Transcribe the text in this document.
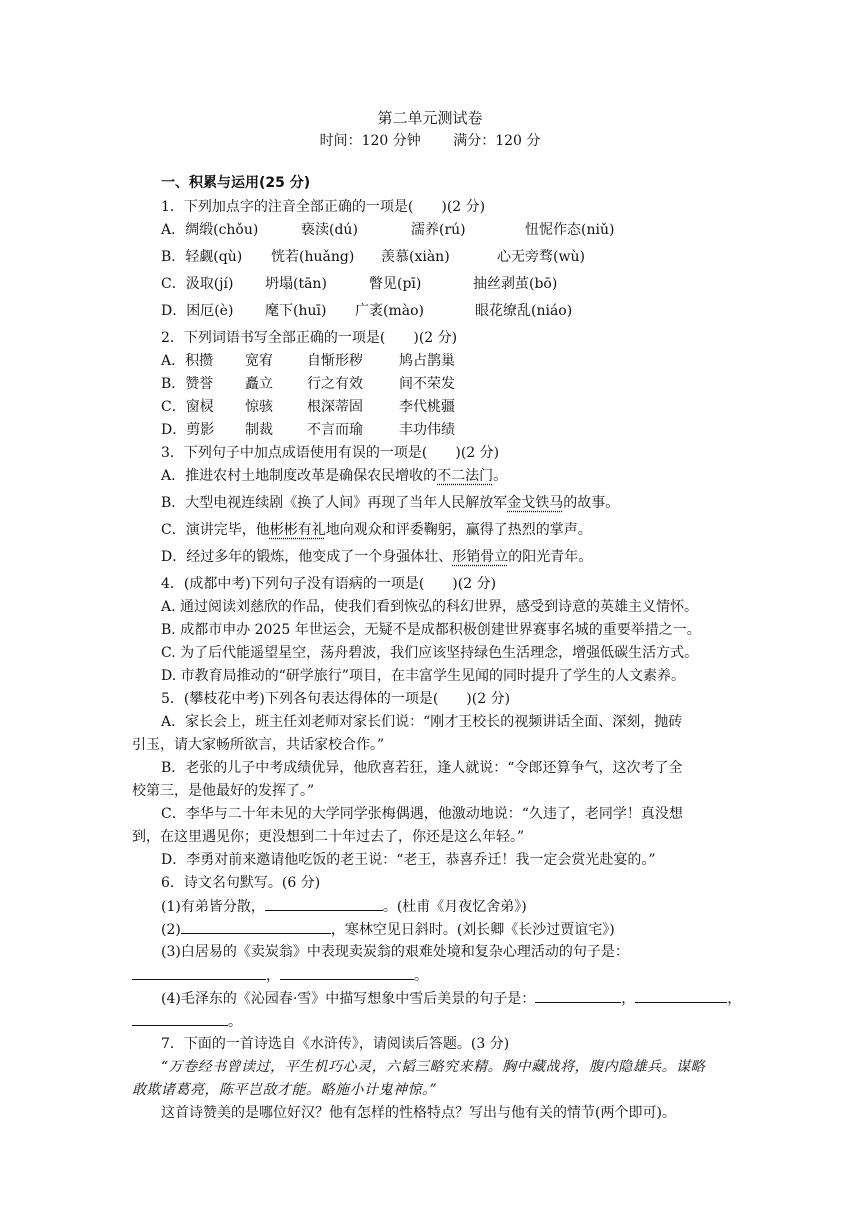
第二单元测试卷
时间：120 分钟 满分：120 分
一、积累与运用(25 分)
1．下列加点字的注音全部正确的一项是(　　)(2 分)
A．绸缎(chǒu)	亵渎(dú)	濡养(rú)	忸怩作态(niǔ)
B．轻觑(qù) 恍若(huǎng) 羡慕(xiàn)	心无旁骛(wù)
C．汲取(jí) 坍塌(tān)	瞥见(pī)	抽丝剥茧(bō)
D．困厄(è) 麾下(huī) 广袤(mào)	眼花缭乱(niáo)
2．下列词语书写全部正确的一项是(　　)(2 分)
A．积攒 宽宥 自惭形秽	鸠占鹊巢
B．赞誉 矗立 行之有效	间不荣发
C．窗棂 惊骇 根深蒂固	李代桃疆
D．剪影 制裁 不言而瑜	丰功伟绩
3．下列句子中加点成语使用有误的一项是(　　)(2 分)
A．推进农村土地制度改革是确保农民增收的不二法门。
B．大型电视连续剧《换了人间》再现了当年人民解放军金戈铁马的故事。
C．演讲完毕，他彬彬有礼地向观众和评委鞠躬，赢得了热烈的掌声。
D．经过多年的锻炼，他变成了一个身强体壮、形销骨立的阳光青年。
4．(成都中考)下列句子没有语病的一项是(　　)(2 分)
A. 通过阅读刘慈欣的作品，使我们看到恢弘的科幻世界，感受到诗意的英雄主义情怀。
B. 成都市申办 2025 年世运会，无疑不是成都积极创建世界赛事名城的重要举措之一。
C. 为了后代能遥望星空，荡舟碧波，我们应该坚持绿色生活理念，增强低碳生活方式。
D. 市教育局推动的“研学旅行”项目，在丰富学生见闻的同时提升了学生的人文素养。
5．(攀枝花中考)下列各句表达得体的一项是(　　)(2 分)
A．家长会上，班主任刘老师对家长们说：“刚才王校长的视频讲话全面、深刻，抛砖
引玉，请大家畅所欲言，共话家校合作。”
B．老张的儿子中考成绩优异，他欣喜若狂，逢人就说：“令郎还算争气，这次考了全
校第三，是他最好的发挥了。”
C．李华与二十年未见的大学同学张梅偶遇，他激动地说：“久违了，老同学！真没想
到，在这里遇见你；更没想到二十年过去了，你还是这么年轻。”
D．李勇对前来邀请他吃饭的老王说：“老王，恭喜乔迁！我一定会赏光赴宴的。”
6．诗文名句默写。(6 分)
(1)有弟皆分散，	。(杜甫《月夜忆舍弟》)
(2)	，寒林空见日斜时。(刘长卿《长沙过贾谊宅》)
(3)白居易的《卖炭翁》中表现卖炭翁的艰难处境和复杂心理活动的句子是：
，	。
(4)毛泽东的《沁园春·雪》中描写想象中雪后美景的句子是：	，	，
。
7．下面的一首诗选自《水浒传》，请阅读后答题。(3 分)
“万卷经书曾读过，平生机巧心灵，六韬三略究来精。胸中藏战将，腹内隐雄兵。谋略
敢欺诸葛亮，陈平岂敌才能。略施小计鬼神惊。”
这首诗赞美的是哪位好汉？他有怎样的性格特点？写出与他有关的情节(两个即可)。
